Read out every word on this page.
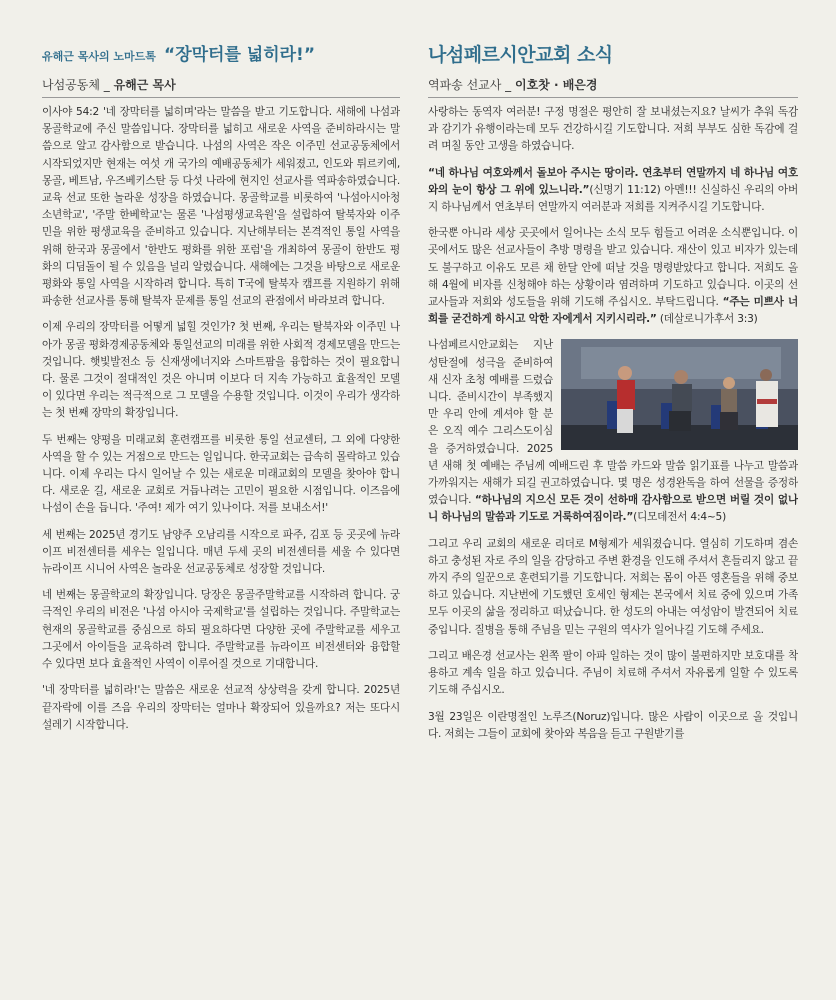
유해근 목사의 노마드톡 “장막터를 넓히라!”
나섬공동체 _ 유해근 목사

이사야 54:2 '네 장막터를 넓히며'라는 말씀을 받고 기도합니다. 새해에 나섬과 몽골학교에 주신 말씀입니다. 장막터를 넓히고 새로운 사역을 준비하라시는 말씀으로 알고 감사함으로 받습니다. 나섬의 사역은 작은 이주민 선교공동체에서 시작되었지만 현재는 여섯 개 국가의 예배공동체가 세워졌고, 인도와 튀르키예, 몽골, 베트남, 우즈베키스탄 등 다섯 나라에 현지인 선교사를 역파송하였습니다. 교육 선교 또한 놀라운 성장을 하였습니다. 몽골학교를 비롯하여 '나섬아시아청소년학교', '주말 한베학교'는 물론 '나섬평생교육원'을 설립하여 탈북자와 이주민을 위한 평생교육을 준비하고 있습니다. 지난해부터는 본격적인 통일 사역을 위해 한국과 몽골에서 '한반도 평화를 위한 포럼'을 개최하여 몽골이 한반도 평화의 디딤돌이 될 수 있음을 널리 알렸습니다. 새해에는 그것을 바탕으로 새로운 평화와 통일 사역을 시작하려 합니다. 특히 T국에 탈북자 캠프를 지원하기 위해 파송한 선교사를 통해 탈북자 문제를 통일 선교의 관점에서 바라보려 합니다.

이제 우리의 장막터를 어떻게 넓힐 것인가? 첫 번째, 우리는 탈북자와 이주민 나아가 몽골 평화경제공동체와 통일선교의 미래를 위한 사회적 경제모델을 만드는 것입니다. 햇빛발전소 등 신재생에너지와 스마트팜을 융합하는 것이 필요합니다. 물론 그것이 절대적인 것은 아니며 이보다 더 지속 가능하고 효율적인 모델이 있다면 우리는 적극적으로 그 모델을 수용할 것입니다. 이것이 우리가 생각하는 첫 번째 장막의 확장입니다.

두 번째는 양평을 미래교회 훈련캠프를 비롯한 통일 선교센터, 그 외에 다양한 사역을 할 수 있는 거점으로 만드는 일입니다. 한국교회는 급속히 몰락하고 있습니다. 이제 우리는 다시 일어날 수 있는 새로운 미래교회의 모델을 찾아야 합니다. 새로운 길, 새로운 교회로 거듭나려는 고민이 필요한 시점입니다. 이즈음에 나섬이 손을 듭니다. '주여! 제가 여기 있나이다. 저를 보내소서!'

세 번째는 2025년 경기도 남양주 오남리를 시작으로 파주, 김포 등 곳곳에 뉴라이프 비전센터를 세우는 일입니다. 매년 두세 곳의 비전센터를 세울 수 있다면 뉴라이프 시니어 사역은 놀라운 선교공동체로 성장할 것입니다.

네 번째는 몽골학교의 확장입니다. 당장은 몽골주말학교를 시작하려 합니다. 궁극적인 우리의 비전은 '나섬 아시아 국제학교'를 설립하는 것입니다. 주말학교는 현재의 몽골학교를 중심으로 하되 필요하다면 다양한 곳에 주말학교를 세우고 그곳에서 아이들을 교육하려 합니다. 주말학교를 뉴라이프 비전센터와 융합할 수 있다면 보다 효율적인 사역이 이루어질 것으로 기대합니다.

'네 장막터를 넓히라!'는 말씀은 새로운 선교적 상상력을 갖게 합니다. 2025년 끝자락에 이를 즈음 우리의 장막터는 얼마나 확장되어 있을까요? 저는 또다시 설레기 시작합니다.

나섬페르시안교회 소식
역파송 선교사 _ 이호찻 · 배은경

사랑하는 동역자 여러분! 구정 명절은 평안히 잘 보내셨는지요? 날씨가 추워 독감과 감기가 유행이라는데 모두 건강하시길 기도합니다. 저희 부부도 심한 독감에 걸려 며칠 동안 고생을 하였습니다.

“네 하나님 여호와께서 돌보아 주시는 땅이라. 연초부터 연말까지 네 하나님 여호와의 눈이 항상 그 위에 있느니라.”(신명기 11:12) 아멘!!! 신실하신 우리의 아버지 하나님께서 연초부터 연말까지 여러분과 저희를 지켜주시길 기도합니다.

한국뿐 아니라 세상 곳곳에서 일어나는 소식 모두 힘들고 어려운 소식뿐입니다. 이곳에서도 많은 선교사들이 추방 명령을 받고 있습니다. 재산이 있고 비자가 있는데도 불구하고 이유도 모른 채 한달 안에 떠날 것을 명령받았다고 합니다. 저희도 올해 4월에 비자를 신청해야 하는 상황이라 염려하며 기도하고 있습니다. 이곳의 선교사들과 저희와 성도들을 위해 기도해 주십시오. 부탁드립니다. “주는 미쁘사 너희를 굳건하게 하시고 악한 자에게서 지키시리라.” (데살로니가후서 3:3)

나섬페르시안교회는 지난 성탄절에 성극을 준비하여 새 신자 초청 예배를 드렸습니다. 준비시간이 부족했지만 우리 안에 계셔야 할 분은 오직 예수 그리스도이심을 증거하였습니다. 2025년 새해 첫 예배는 주님께 예배드린 후 말씀 카드와 말씀 읽기표를 나누고 말씀과 가까워지는 새해가 되길 권고하였습니다. 몇 명은 성경완독을 하여 선물을 증정하였습니다. “하나님의 지으신 모든 것이 선하매 감사함으로 받으면 버릴 것이 없나니 하나님의 말씀과 기도로 거룩하여짐이라.”(디모데전서 4:4~5)

그리고 우리 교회의 새로운 리더로 M형제가 세워졌습니다. 열심히 기도하며 겸손하고 충성된 자로 주의 일을 감당하고 주변 환경을 인도해 주셔서 흔들리지 않고 끝까지 주의 일꾼으로 훈련되기를 기도합니다. 저희는 몸이 아픈 영혼들을 위해 중보하고 있습니다. 지난번에 기도했던 호세인 형제는 본국에서 치료 중에 있으며 가족 모두 이곳의 삶을 정리하고 떠났습니다. 한 성도의 아내는 여성암이 발견되어 치료 중입니다. 질병을 통해 주님을 믿는 구원의 역사가 일어나길 기도해 주세요.

그리고 배은경 선교사는 왼쪽 팔이 아파 일하는 것이 많이 불편하지만 보호대를 착용하고 계속 일을 하고 있습니다. 주님이 치료해 주셔서 자유롭게 일할 수 있도록 기도해 주십시오.

3월 23일은 이란명절인 노루즈(Noruz)입니다. 많은 사람이 이곳으로 올 것입니다. 저희는 그들이 교회에 찾아와 복음을 듣고 구원받기를
